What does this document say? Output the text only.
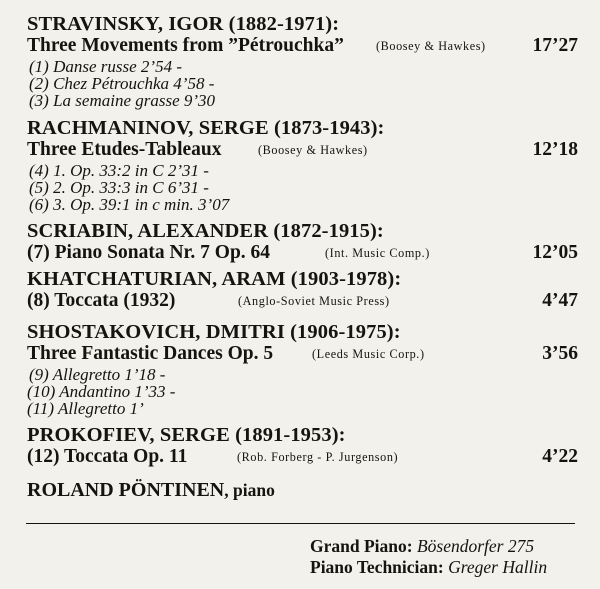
STRAVINSKY, IGOR (1882-1971):
Three Movements from ”Pétrouchka”	(Boosey & Hawkes) 17’27
(1) Danse russe 2’54 -
(2) Chez Pétrouchka 4’58 -
(3) La semaine grasse 9’30
RACHMANINOV, SERGE (1873-1943):
Three Etudes-Tableaux	(Boosey & Hawkes)	12’18
(4) 1. Op. 33:2 in C 2’31 -
(5) 2. Op. 33:3 in C 6’31 -
(6) 3. Op. 39:1 in c min. 3’07
SCRIABIN, ALEXANDER (1872-1915):
(7) Piano Sonata Nr. 7 Op. 64	(Int. Music Comp.)	12’05
KHATCHATURIAN, ARAM (1903-1978):
(8) Toccata (1932)	(Anglo-Soviet Music Press)	4’47
SHOSTAKOVICH, DMITRI (1906-1975):
Three Fantastic Dances Op. 5	(Leeds Music Corp.)	3’56
(9) Allegretto 1’18 -
(10) Andantino 1’33 -
(11) Allegretto 1’
PROKOFIEV, SERGE (1891-1953):
(12) Toccata Op. 11	(Rob. Forberg - P. Jurgenson)	4’22
ROLAND PÖNTINEN, piano
Grand Piano: Bösendorfer 275
Piano Technician: Greger Hallin
